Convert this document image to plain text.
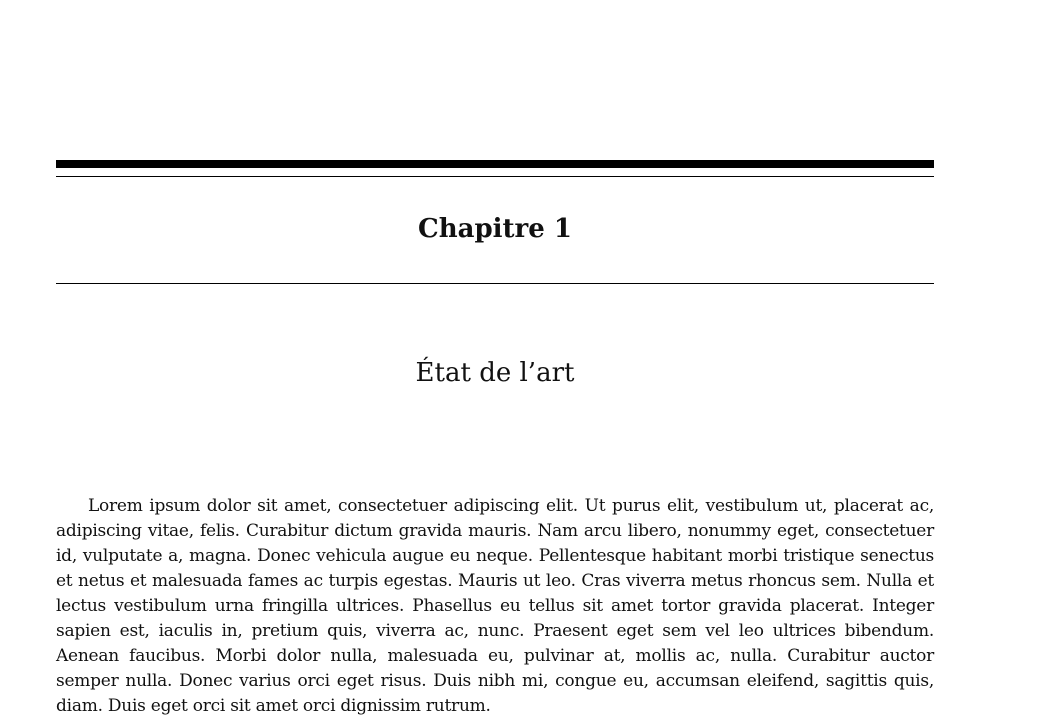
Chapitre 1
État de l’art

Lorem ipsum dolor sit amet, consectetuer adipiscing elit. Ut purus elit, vestibulum ut, placerat ac, adipiscing vitae, felis. Curabitur dictum gravida mauris. Nam arcu libero, nonummy eget, consectetuer id, vulputate a, magna. Donec vehicula augue eu neque. Pellentesque habitant morbi tristique senectus et netus et malesuada fames ac turpis egestas. Mauris ut leo. Cras viverra metus rhoncus sem. Nulla et lectus vestibulum urna fringilla ultrices. Phasellus eu tellus sit amet tortor gravida placerat. Integer sapien est, iaculis in, pretium quis, viverra ac, nunc. Praesent eget sem vel leo ultrices bibendum. Aenean faucibus. Morbi dolor nulla, malesuada eu, pulvinar at, mollis ac, nulla. Curabitur auctor semper nulla. Donec varius orci eget risus. Duis nibh mi, congue eu, accumsan eleifend, sagittis quis, diam. Duis eget orci sit amet orci dignissim rutrum.
